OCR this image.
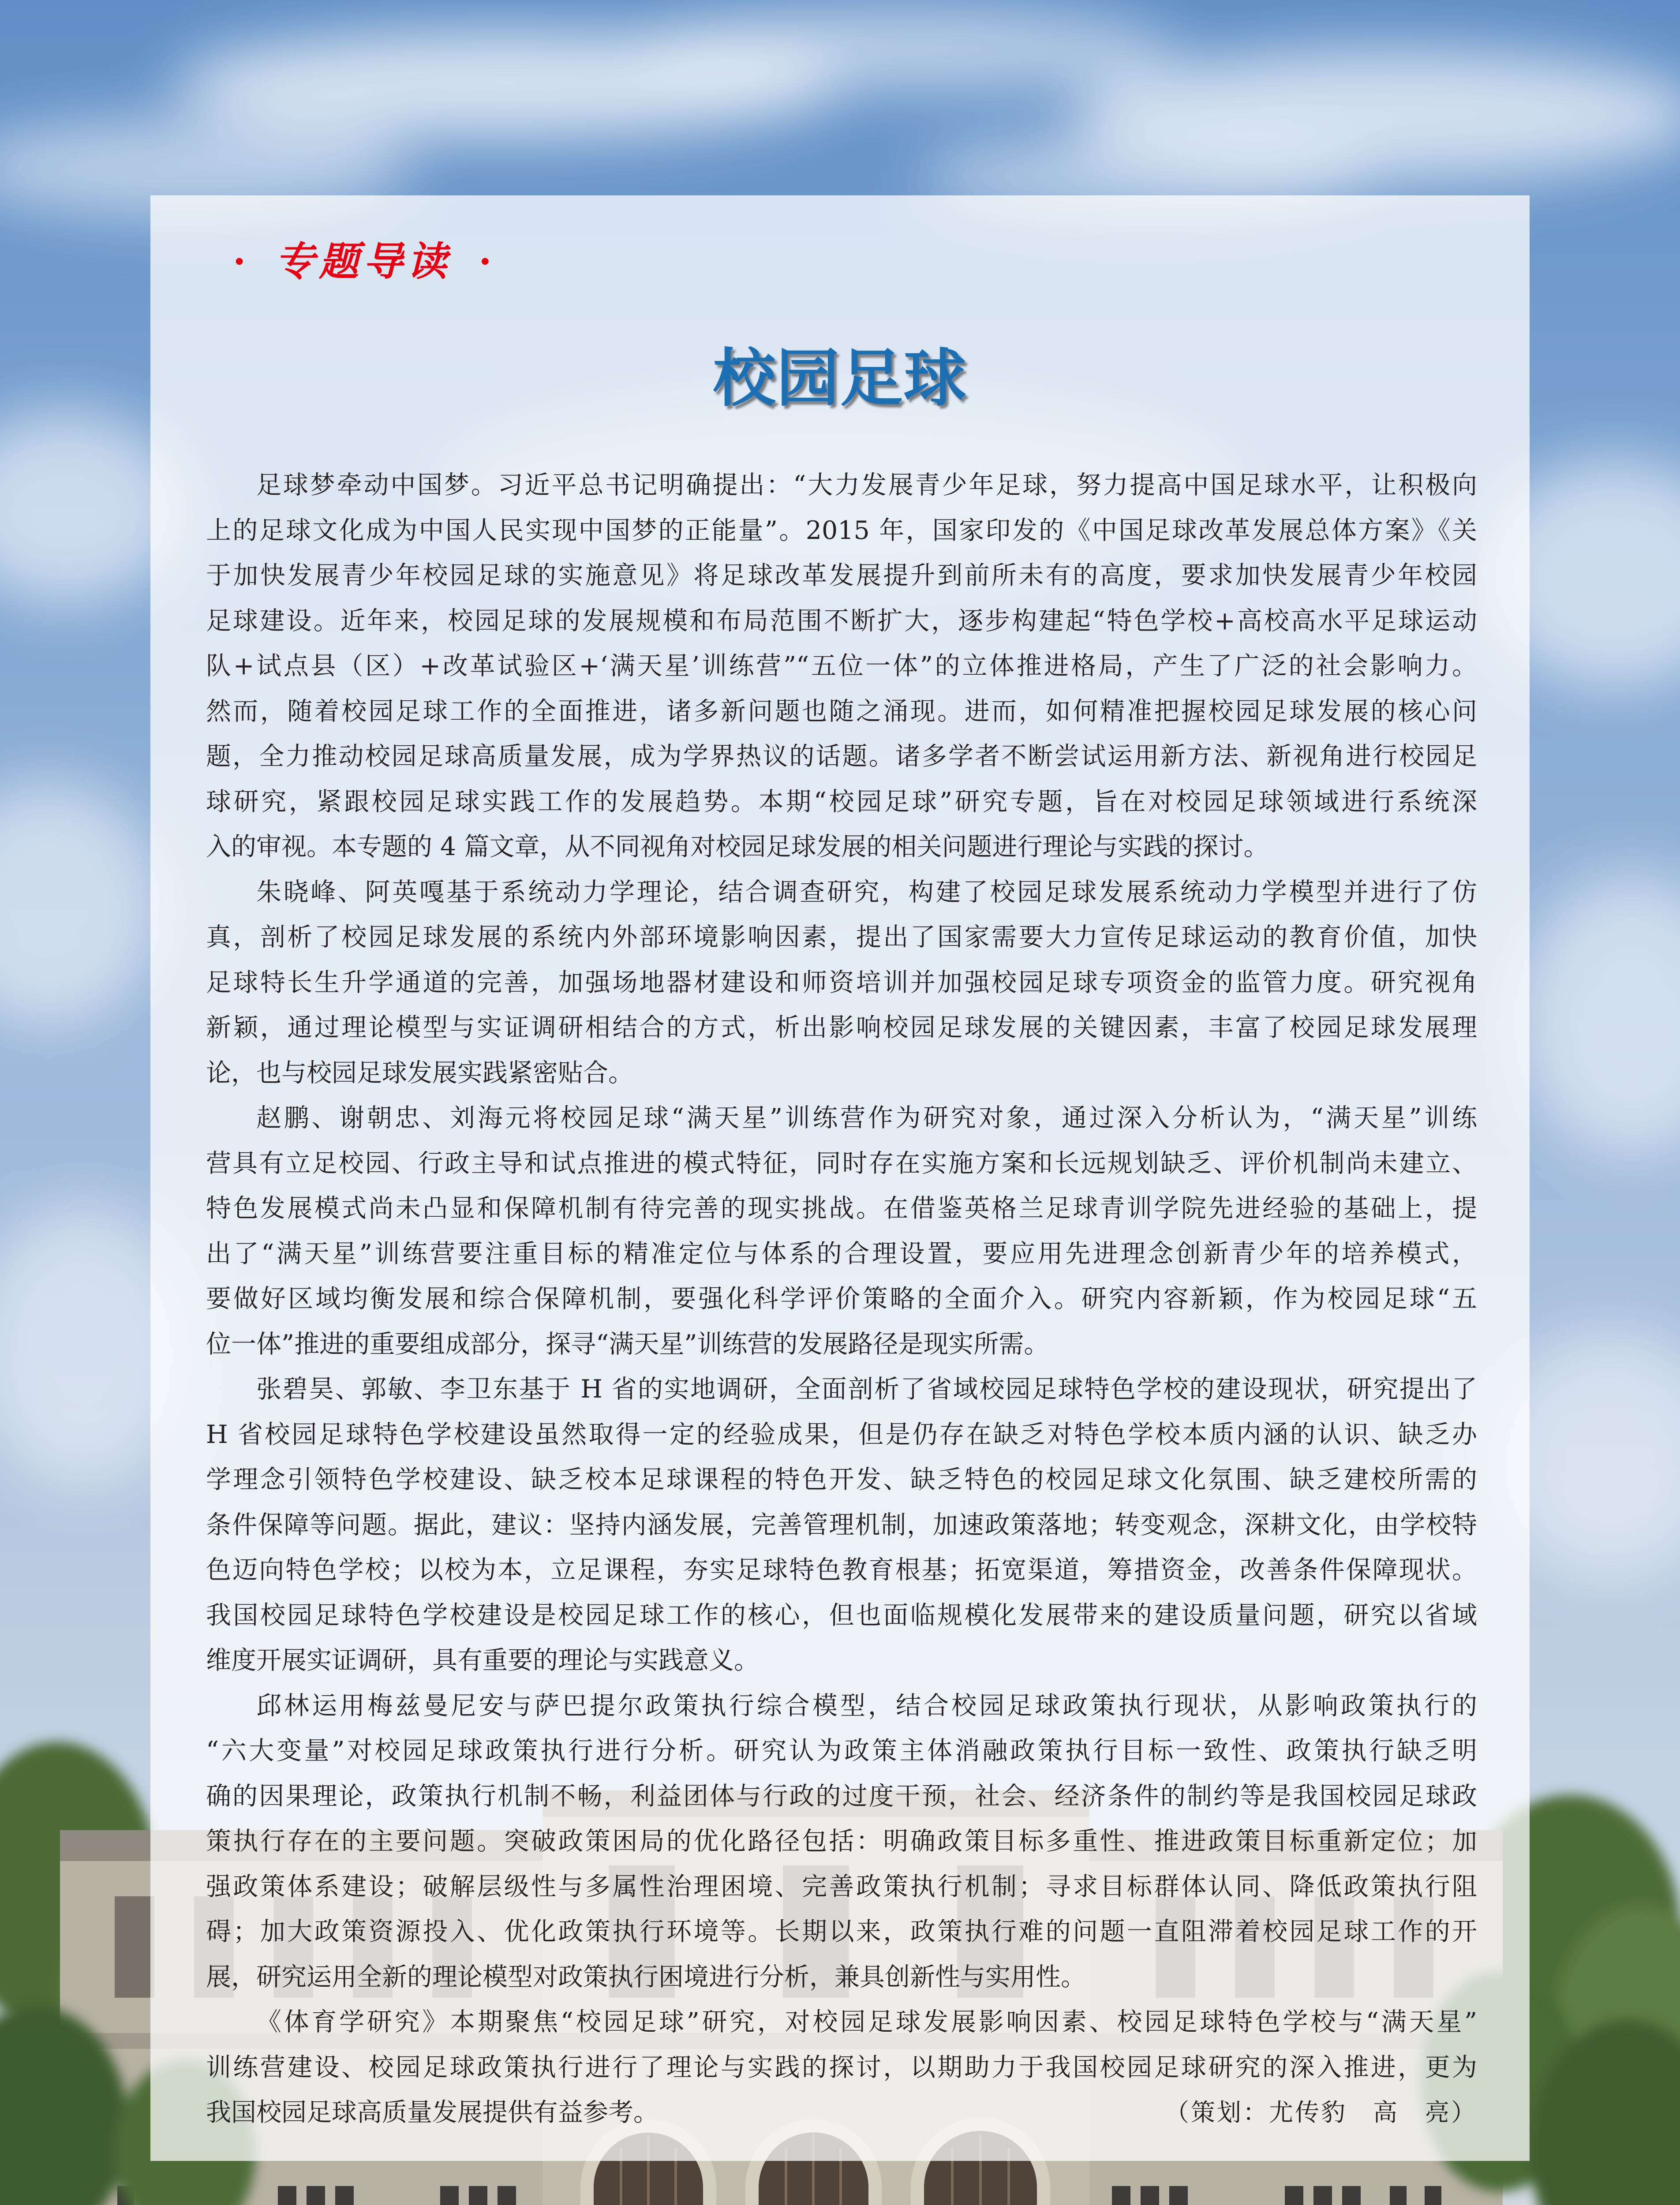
· 专题导读 ·
校园足球
足球梦牵动中国梦。习近平总书记明确提出：“大力发展青少年足球，努力提高中国足球水平，让积极向
上的足球文化成为中国人民实现中国梦的正能量”。2015 年，国家印发的《中国足球改革发展总体方案》《关
于加快发展青少年校园足球的实施意见》将足球改革发展提升到前所未有的高度，要求加快发展青少年校园
足球建设。近年来，校园足球的发展规模和布局范围不断扩大，逐步构建起“特色学校+高校高水平足球运动
队+试点县（区）+改革试验区+‘满天星’训练营”“五位一体”的立体推进格局，产生了广泛的社会影响力。
然而，随着校园足球工作的全面推进，诸多新问题也随之涌现。进而，如何精准把握校园足球发展的核心问
题，全力推动校园足球高质量发展，成为学界热议的话题。诸多学者不断尝试运用新方法、新视角进行校园足
球研究，紧跟校园足球实践工作的发展趋势。本期“校园足球”研究专题，旨在对校园足球领域进行系统深
入的审视。本专题的 4 篇文章，从不同视角对校园足球发展的相关问题进行理论与实践的探讨。
朱晓峰、阿英嘎基于系统动力学理论，结合调查研究，构建了校园足球发展系统动力学模型并进行了仿
真，剖析了校园足球发展的系统内外部环境影响因素，提出了国家需要大力宣传足球运动的教育价值，加快
足球特长生升学通道的完善，加强场地器材建设和师资培训并加强校园足球专项资金的监管力度。研究视角
新颖，通过理论模型与实证调研相结合的方式，析出影响校园足球发展的关键因素，丰富了校园足球发展理
论，也与校园足球发展实践紧密贴合。
赵鹏、谢朝忠、刘海元将校园足球“满天星”训练营作为研究对象，通过深入分析认为，“满天星”训练
营具有立足校园、行政主导和试点推进的模式特征，同时存在实施方案和长远规划缺乏、评价机制尚未建立、
特色发展模式尚未凸显和保障机制有待完善的现实挑战。在借鉴英格兰足球青训学院先进经验的基础上，提
出了“满天星”训练营要注重目标的精准定位与体系的合理设置，要应用先进理念创新青少年的培养模式，
要做好区域均衡发展和综合保障机制，要强化科学评价策略的全面介入。研究内容新颖，作为校园足球“五
位一体”推进的重要组成部分，探寻“满天星”训练营的发展路径是现实所需。
张碧昊、郭敏、李卫东基于 H 省的实地调研，全面剖析了省域校园足球特色学校的建设现状，研究提出了
H 省校园足球特色学校建设虽然取得一定的经验成果，但是仍存在缺乏对特色学校本质内涵的认识、缺乏办
学理念引领特色学校建设、缺乏校本足球课程的特色开发、缺乏特色的校园足球文化氛围、缺乏建校所需的
条件保障等问题。据此，建议：坚持内涵发展，完善管理机制，加速政策落地；转变观念，深耕文化，由学校特
色迈向特色学校；以校为本，立足课程，夯实足球特色教育根基；拓宽渠道，筹措资金，改善条件保障现状。
我国校园足球特色学校建设是校园足球工作的核心，但也面临规模化发展带来的建设质量问题，研究以省域
维度开展实证调研，具有重要的理论与实践意义。
邱林运用梅兹曼尼安与萨巴提尔政策执行综合模型，结合校园足球政策执行现状，从影响政策执行的
“六大变量”对校园足球政策执行进行分析。研究认为政策主体消融政策执行目标一致性、政策执行缺乏明
确的因果理论，政策执行机制不畅，利益团体与行政的过度干预，社会、经济条件的制约等是我国校园足球政
策执行存在的主要问题。突破政策困局的优化路径包括：明确政策目标多重性、推进政策目标重新定位；加
强政策体系建设；破解层级性与多属性治理困境、完善政策执行机制；寻求目标群体认同、降低政策执行阻
碍；加大政策资源投入、优化政策执行环境等。长期以来，政策执行难的问题一直阻滞着校园足球工作的开
展，研究运用全新的理论模型对政策执行困境进行分析，兼具创新性与实用性。
《体育学研究》本期聚焦“校园足球”研究，对校园足球发展影响因素、校园足球特色学校与“满天星”
训练营建设、校园足球政策执行进行了理论与实践的探讨，以期助力于我国校园足球研究的深入推进，更为
我国校园足球高质量发展提供有益参考。	（策划：尤传豹　高　亮）
